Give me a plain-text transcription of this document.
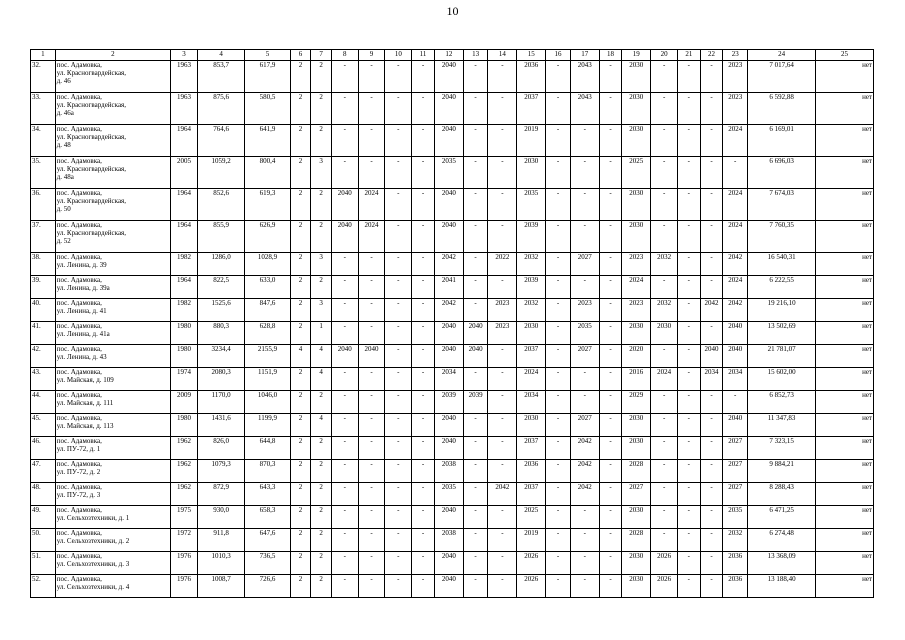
10
1	2	3	4	5	6	7	8	9	10	11	12	13	14	15	16	17	18	19	20	21	22	23	24	25
32.	пос. Адамовка,
ул. Красногвардейская,
д. 46	1963	853,7	617,9	2	2	-	-	-	-	2040	-	-	2036	-	2043	-	2030	-	-	-	2023	7 017,64	нет
33.	пос. Адамовка,
ул. Красногвардейская,
д. 46а	1963	875,6	580,5	2	2	-	-	-	-	2040	-	-	2037	-	2043	-	2030	-	-	-	2023	6 592,88	нет
34.	пос. Адамовка,
ул. Красногвардейская,
д. 48	1964	764,6	641,9	2	2	-	-	-	-	2040	-	-	2019	-	-	-	2030	-	-	-	2024	6 169,01	нет
35.	пос. Адамовка,
ул. Красногвардейская,
д. 48а	2005	1059,2	800,4	2	3	-	-	-	-	2035	-	-	2030	-	-	-	2025	-	-	-	-	6 696,03	нет
36.	пос. Адамовка,
ул. Красногвардейская,
д. 50	1964	852,6	619,3	2	2	2040	2024	-	-	2040	-	-	2035	-	-	-	2030	-	-	-	2024	7 674,03	нет
37.	пос. Адамовка,
ул. Красногвардейская,
д. 52	1964	855,9	626,9	2	2	2040	2024	-	-	2040	-	-	2039	-	-	-	2030	-	-	-	2024	7 760,35	нет
38.	пос. Адамовка,
ул. Ленина, д. 39	1982	1286,0	1028,9	2	3	-	-	-	-	2042	-	2022	2032	-	2027	-	2023	2032	-	-	2042	16 540,31	нет
39.	пос. Адамовка,
ул. Ленина, д. 39а	1964	822,5	633,0	2	2	-	-	-	-	2041	-	-	2039	-	-	-	2024	-	-	-	2024	6 222,55	нет
40.	пос. Адамовка,
ул. Ленина, д. 41	1982	1525,6	847,6	2	3	-	-	-	-	2042	-	2023	2032	-	2023	-	2023	2032	-	2042	2042	19 216,10	нет
41.	пос. Адамовка,
ул. Ленина, д. 41а	1980	880,3	628,8	2	1	-	-	-	-	2040	2040	2023	2030	-	2035	-	2030	2030	-	-	2040	13 502,69	нет
42.	пос. Адамовка,
ул. Ленина, д. 43	1980	3234,4	2155,9	4	4	2040	2040	-	-	2040	2040	-	2037	-	2027	-	2020	-	-	2040	2040	21 781,07	нет
43.	пос. Адамовка,
ул. Майская, д. 109	1974	2080,3	1151,9	2	4	-	-	-	-	2034	-	-	2024	-	-	-	2016	2024	-	2034	2034	15 602,00	нет
44.	пос. Адамовка,
ул. Майская, д. 111	2009	1170,0	1046,0	2	2	-	-	-	-	2039	2039	-	2034	-	-	-	2029	-	-	-	-	6 852,73	нет
45.	пос. Адамовка,
ул. Майская, д. 113	1980	1431,6	1199,9	2	4	-	-	-	-	2040	-	-	2030	-	2027	-	2030	-	-	-	2040	11 347,83	нет
46.	пос. Адамовка,
ул. ПУ-72, д. 1	1962	826,0	644,8	2	2	-	-	-	-	2040	-	-	2037	-	2042	-	2030	-	-	-	2027	7 323,15	нет
47.	пос. Адамовка,
ул. ПУ-72, д. 2	1962	1079,3	870,3	2	2	-	-	-	-	2038	-	-	2036	-	2042	-	2028	-	-	-	2027	9 884,21	нет
48.	пос. Адамовка,
ул. ПУ-72, д. 3	1962	872,9	643,3	2	2	-	-	-	-	2035	-	2042	2037	-	2042	-	2027	-	-	-	2027	8 288,43	нет
49.	пос. Адамовка,
ул. Сельхозтехники, д. 1	1975	930,0	658,3	2	2	-	-	-	-	2040	-	-	2025	-	-	-	2030	-	-	-	2035	6 471,25	нет
50.	пос. Адамовка,
ул. Сельхозтехники, д. 2	1972	911,8	647,6	2	2	-	-	-	-	2038	-	-	2019	-	-	-	2028	-	-	-	2032	6 274,48	нет
51.	пос. Адамовка,
ул. Сельхозтехники, д. 3	1976	1010,3	736,5	2	2	-	-	-	-	2040	-	-	2026	-	-	-	2030	2026	-	-	2036	13 368,09	нет
52.	пос. Адамовка,
ул. Сельхозтехники, д. 4	1976	1008,7	726,6	2	2	-	-	-	-	2040	-	-	2026	-	-	-	2030	2026	-	-	2036	13 188,40	нет
